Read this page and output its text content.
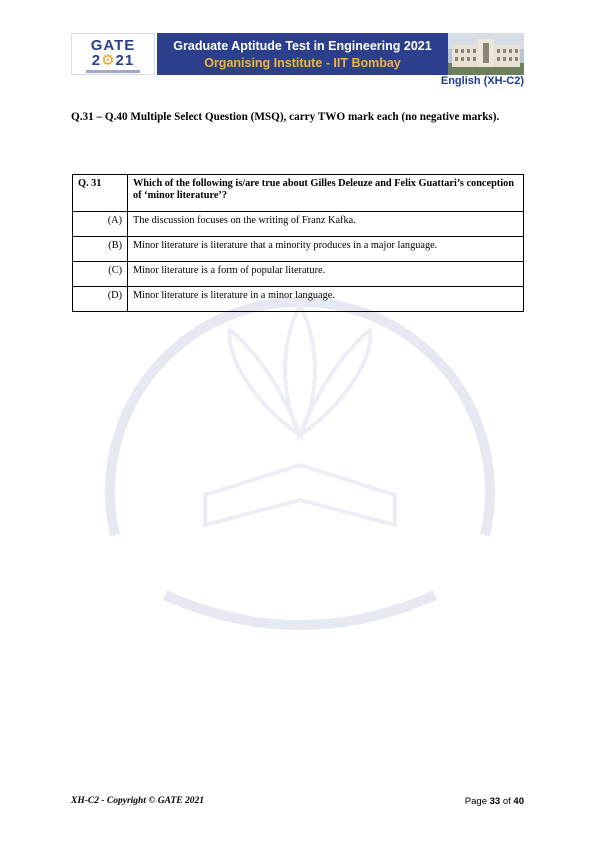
GATE
2⚙21
Graduate Aptitude Test in Engineering 2021
Organising Institute - IIT Bombay
English (XH-C2)
Q.31 – Q.40 Multiple Select Question (MSQ), carry TWO mark each (no negative marks).
Q. 31	Which of the following is/are true about Gilles Deleuze and Felix Guattari’s conception of ‘minor literature’?
(A)	The discussion focuses on the writing of Franz Kafka.
(B)	Minor literature is literature that a minority produces in a major language.
(C)	Minor literature is a form of popular literature.
(D)	Minor literature is literature in a minor language.
XH-C2 - Copyright © GATE 2021	Page 33 of 40
